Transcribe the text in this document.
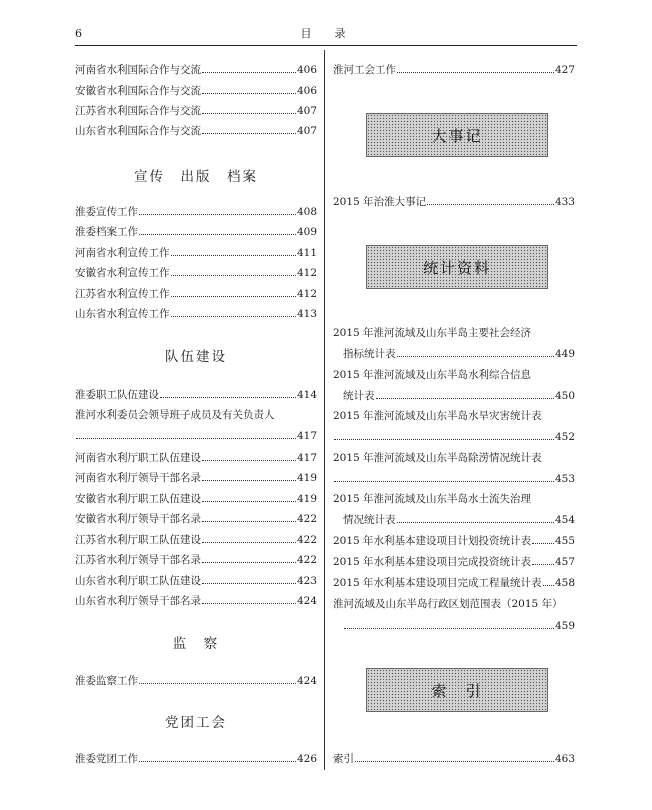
6	目　录
河南省水利国际合作与交流	406
安徽省水利国际合作与交流	406
江苏省水利国际合作与交流	407
山东省水利国际合作与交流	407
宣传　出版　档案
淮委宣传工作	408
淮委档案工作	409
河南省水利宣传工作	411
安徽省水利宣传工作	412
江苏省水利宣传工作	412
山东省水利宣传工作	413
队伍建设
淮委职工队伍建设	414
淮河水利委员会领导班子成员及有关负责人
417
河南省水利厅职工队伍建设	417
河南省水利厅领导干部名录	419
安徽省水利厅职工队伍建设	419
安徽省水利厅领导干部名录	422
江苏省水利厅职工队伍建设	422
江苏省水利厅领导干部名录	422
山东省水利厅职工队伍建设	423
山东省水利厅领导干部名录	424
监　察
淮委监察工作	424
党团工会
淮委党团工作	426
淮河工会工作	427
大事记
2015 年治淮大事记	433
统计资料
2015 年淮河流域及山东半岛主要社会经济
指标统计表	449
2015 年淮河流域及山东半岛水利综合信息
统计表	450
2015 年淮河流域及山东半岛水旱灾害统计表
452
2015 年淮河流域及山东半岛除涝情况统计表
453
2015 年淮河流域及山东半岛水土流失治理
情况统计表	454
2015 年水利基本建设项目计划投资统计表 455
2015 年水利基本建设项目完成投资统计表 457
2015 年水利基本建设项目完成工程量统计表 458
淮河流域及山东半岛行政区划范围表（2015 年）
459
索　引
索引	463
